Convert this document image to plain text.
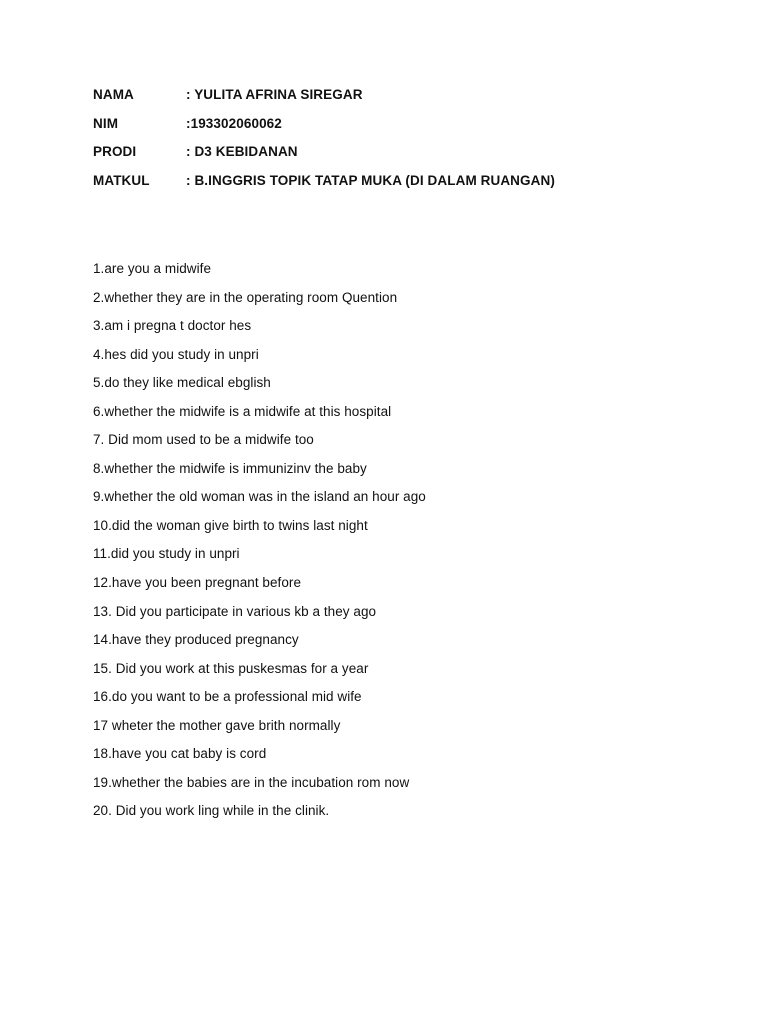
NAMA	: YULITA AFRINA SIREGAR
NIM	:193302060062
PRODI	: D3 KEBIDANAN
MATKUL	: B.INGGRIS TOPIK TATAP MUKA (DI DALAM RUANGAN)
1.are you a midwife
2.whether they are in the operating room Quention
3.am i pregna t doctor hes
4.hes did you study in unpri
5.do they like medical ebglish
6.whether the midwife is a midwife at this hospital
7. Did mom used to be a midwife too
8.whether the midwife is immunizinv the baby
9.whether the old woman was in the island an hour ago
10.did the woman give birth to twins last night
11.did you study in unpri
12.have you been pregnant before
13. Did you participate in various kb a they ago
14.have they produced pregnancy
15. Did you work at this puskesmas for a year
16.do you want to be a professional mid wife
17 wheter the mother gave brith normally
18.have you cat baby is cord
19.whether the babies are in the incubation rom now
20. Did you work ling while in the clinik.
